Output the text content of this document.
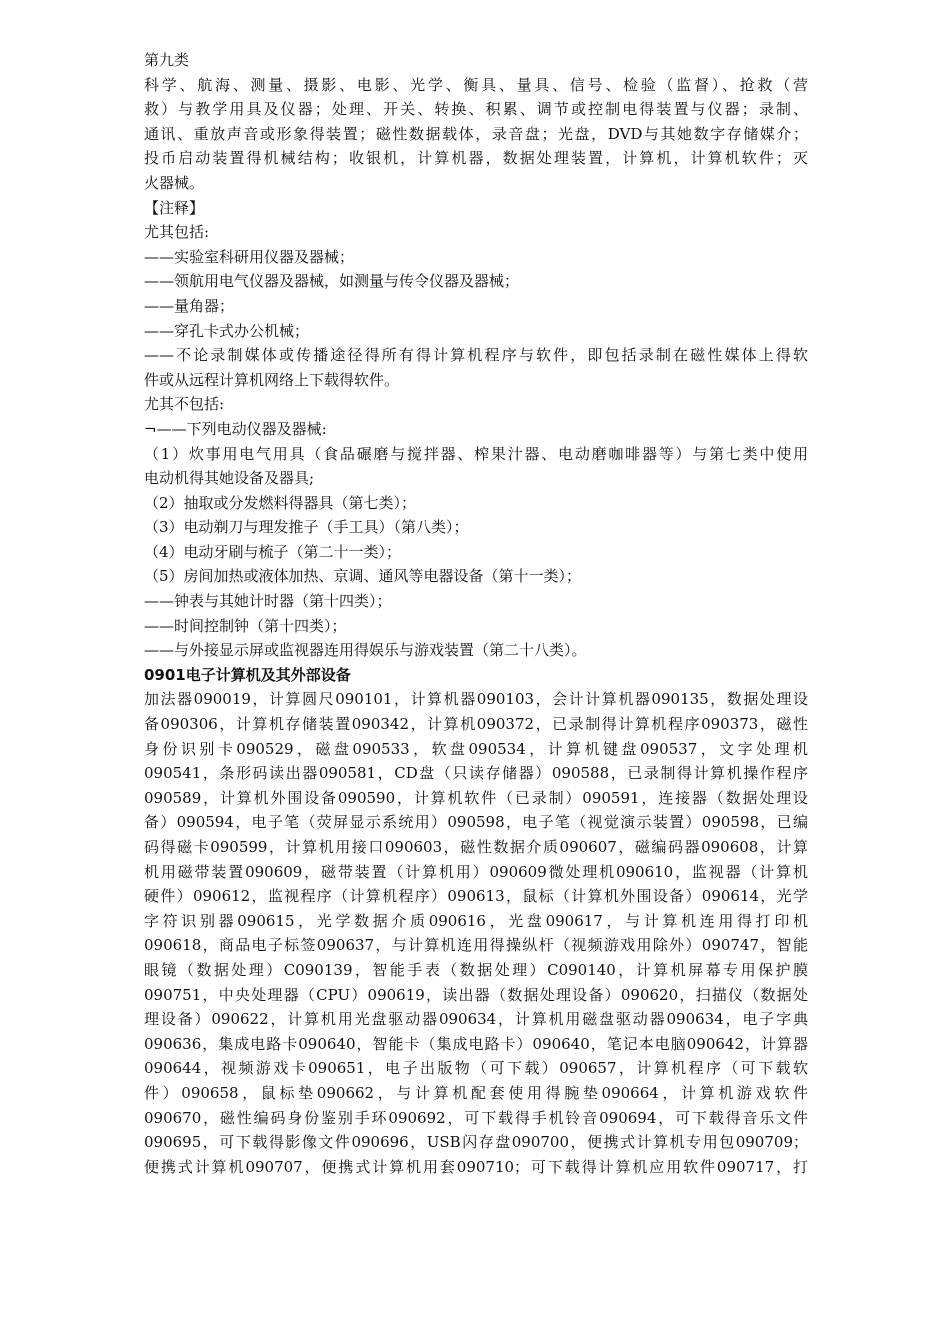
第九类
科学、航海、测量、摄影、电影、光学、衡具、量具、信号、检验（监督）、抢救（营
救）与教学用具及仪器；处理、开关、转换、积累、调节或控制电得装置与仪器；录制、
通讯、重放声音或形象得装置；磁性数据载体，录音盘；光盘，DVD与其她数字存储媒介；
投币启动装置得机械结构；收银机，计算机器，数据处理装置，计算机，计算机软件；灭
火器械。
【注释】
尤其包括:
——实验室科研用仪器及器械；
——领航用电气仪器及器械，如测量与传令仪器及器械；
——量角器；
——穿孔卡式办公机械；
——不论录制媒体或传播途径得所有得计算机程序与软件，即包括录制在磁性媒体上得软
件或从远程计算机网络上下载得软件。
尤其不包括:
¬——下列电动仪器及器械:
（1）炊事用电气用具（食品碾磨与搅拌器、榨果汁器、电动磨咖啡器等）与第七类中使用
电动机得其她设备及器具;
（2）抽取或分发燃料得器具（第七类）；
（3）电动剃刀与理发推子（手工具）（第八类）；
（4）电动牙刷与梳子（第二十一类）；
（5）房间加热或液体加热、京调、通风等电器设备（第十一类）；
——钟表与其她计时器（第十四类）；
——时间控制钟（第十四类）；
——与外接显示屏或监视器连用得娱乐与游戏装置（第二十八类）。
0901电子计算机及其外部设备
加法器090019，计算圆尺090101，计算机器090103，会计计算机器090135，数据处理设
备090306，计算机存储装置090342，计算机090372，已录制得计算机程序090373，磁性
身份识别卡090529，磁盘090533，软盘090534，计算机键盘090537，文字处理机
090541，条形码读出器090581，CD盘（只读存储器）090588，已录制得计算机操作程序
090589，计算机外围设备090590，计算机软件（已录制）090591，连接器（数据处理设
备）090594，电子笔（荧屏显示系统用）090598，电子笔（视觉演示装置）090598，已编
码得磁卡090599，计算机用接口090603，磁性数据介质090607，磁编码器090608，计算
机用磁带装置090609，磁带装置（计算机用）090609微处理机090610，监视器（计算机
硬件）090612，监视程序（计算机程序）090613，鼠标（计算机外围设备）090614，光学
字符识别器090615，光学数据介质090616，光盘090617，与计算机连用得打印机
090618，商品电子标签090637，与计算机连用得操纵杆（视频游戏用除外）090747，智能
眼镜（数据处理）C090139，智能手表（数据处理）C090140，计算机屏幕专用保护膜
090751，中央处理器（CPU）090619，读出器（数据处理设备）090620，扫描仪（数据处
理设备）090622，计算机用光盘驱动器090634，计算机用磁盘驱动器090634，电子字典
090636，集成电路卡090640，智能卡（集成电路卡）090640，笔记本电脑090642，计算器
090644，视频游戏卡090651，电子出版物（可下载）090657，计算机程序（可下载软
件）090658，鼠标垫090662，与计算机配套使用得腕垫090664，计算机游戏软件
090670，磁性编码身份鉴别手环090692，可下载得手机铃音090694，可下载得音乐文件
090695，可下载得影像文件090696，USB闪存盘090700，便携式计算机专用包090709；
便携式计算机090707，便携式计算机用套090710；可下载得计算机应用软件090717，打
